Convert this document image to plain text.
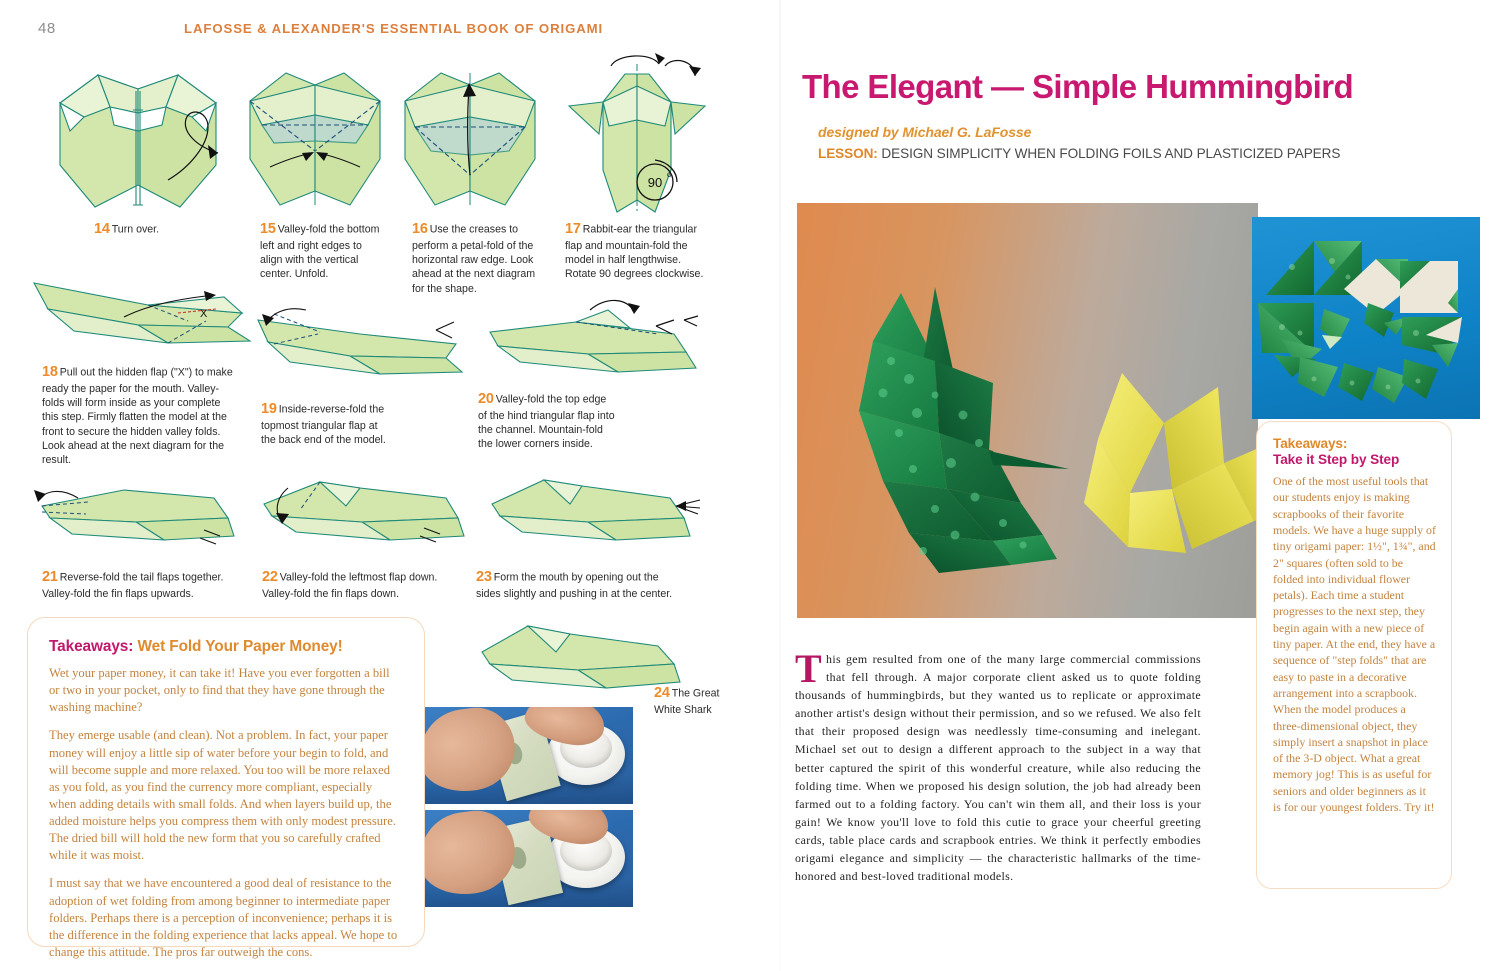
48	LAFOSSE & ALEXANDER'S ESSENTIAL BOOK OF ORIGAMI
90
o
X
14 Turn over.	15 Valley-fold the bottom left and right edges to align with the vertical center. Unfold.
16 Use the creases to perform a petal-fold of the horizontal raw edge. Look ahead at the next diagram for the shape.
17 Rabbit-ear the triangular flap and mountain-fold the model in half lengthwise. Rotate 90 degrees clockwise.
18 Pull out the hidden flap ("X") to make ready the paper for the mouth. Valley-folds will form inside as your complete this step. Firmly flatten the model at the front to secure the hidden valley folds. Look ahead at the next diagram for the result.
19 Inside-reverse-fold the topmost triangular flap at the back end of the model.
20 Valley-fold the top edge of the hind triangular flap into the channel. Mountain-fold the lower corners inside.
21 Reverse-fold the tail flaps together. Valley-fold the fin flaps upwards.
22 Valley-fold the leftmost flap down. Valley-fold the fin flaps down.
23 Form the mouth by opening out the sides slightly and pushing in at the center.
24 The Great White Shark
Takeaways: Wet Fold Your Paper Money!

Wet your paper money, it can take it! Have you ever forgotten a bill or two in your pocket, only to find that they have gone through the washing machine?

They emerge usable (and clean). Not a problem. In fact, your paper money will enjoy a little sip of water before your begin to fold, and will become supple and more relaxed. You too will be more relaxed as you fold, as you find the currency more compliant, especially when adding details with small folds. And when layers build up, the added moisture helps you compress them with only modest pressure. The dried bill will hold the new form that you so carefully crafted while it was moist.

I must say that we have encountered a good deal of resistance to the adoption of wet folding from among beginner to intermediate paper folders. Perhaps there is a perception of inconvenience; perhaps it is the difference in the folding experience that lacks appeal. We hope to change this attitude. The pros far outweigh the cons.

The Elegant — Simple Hummingbird
designed by Michael G. LaFosse
LESSON: DESIGN SIMPLICITY WHEN FOLDING FOILS AND PLASTICIZED PAPERS
Takeaways:
Take it Step by Step
One of the most useful tools that our students enjoy is making scrapbooks of their favorite models. We have a huge supply of tiny origami paper: 1½", 1¾", and 2" squares (often sold to be folded into individual flower petals). Each time a student progresses to the next step, they begin again with a new piece of tiny paper. At the end, they have a sequence of "step folds" that are easy to paste in a decorative arrangement into a scrapbook. When the model produces a three-dimensional object, they simply insert a snapshot in place of the 3-D object. What a great memory jog! This is as useful for seniors and older beginners as it is for our youngest folders. Try it!
This gem resulted from one of the many large commercial commissions that fell through. A major corporate client asked us to quote folding thousands of hummingbirds, but they wanted us to replicate or approximate another artist's design without their permission, and so we refused. We also felt that their proposed design was needlessly time-consuming and inelegant. Michael set out to design a different approach to the subject in a way that better captured the spirit of this wonderful creature, while also reducing the folding time. When we proposed his design solution, the job had already been farmed out to a folding factory. You can't win them all, and their loss is your gain! We know you'll love to fold this cutie to grace your cheerful greeting cards, table place cards and scrapbook entries. We think it perfectly embodies origami elegance and simplicity — the characteristic hallmarks of the time-honored and best-loved traditional models.
